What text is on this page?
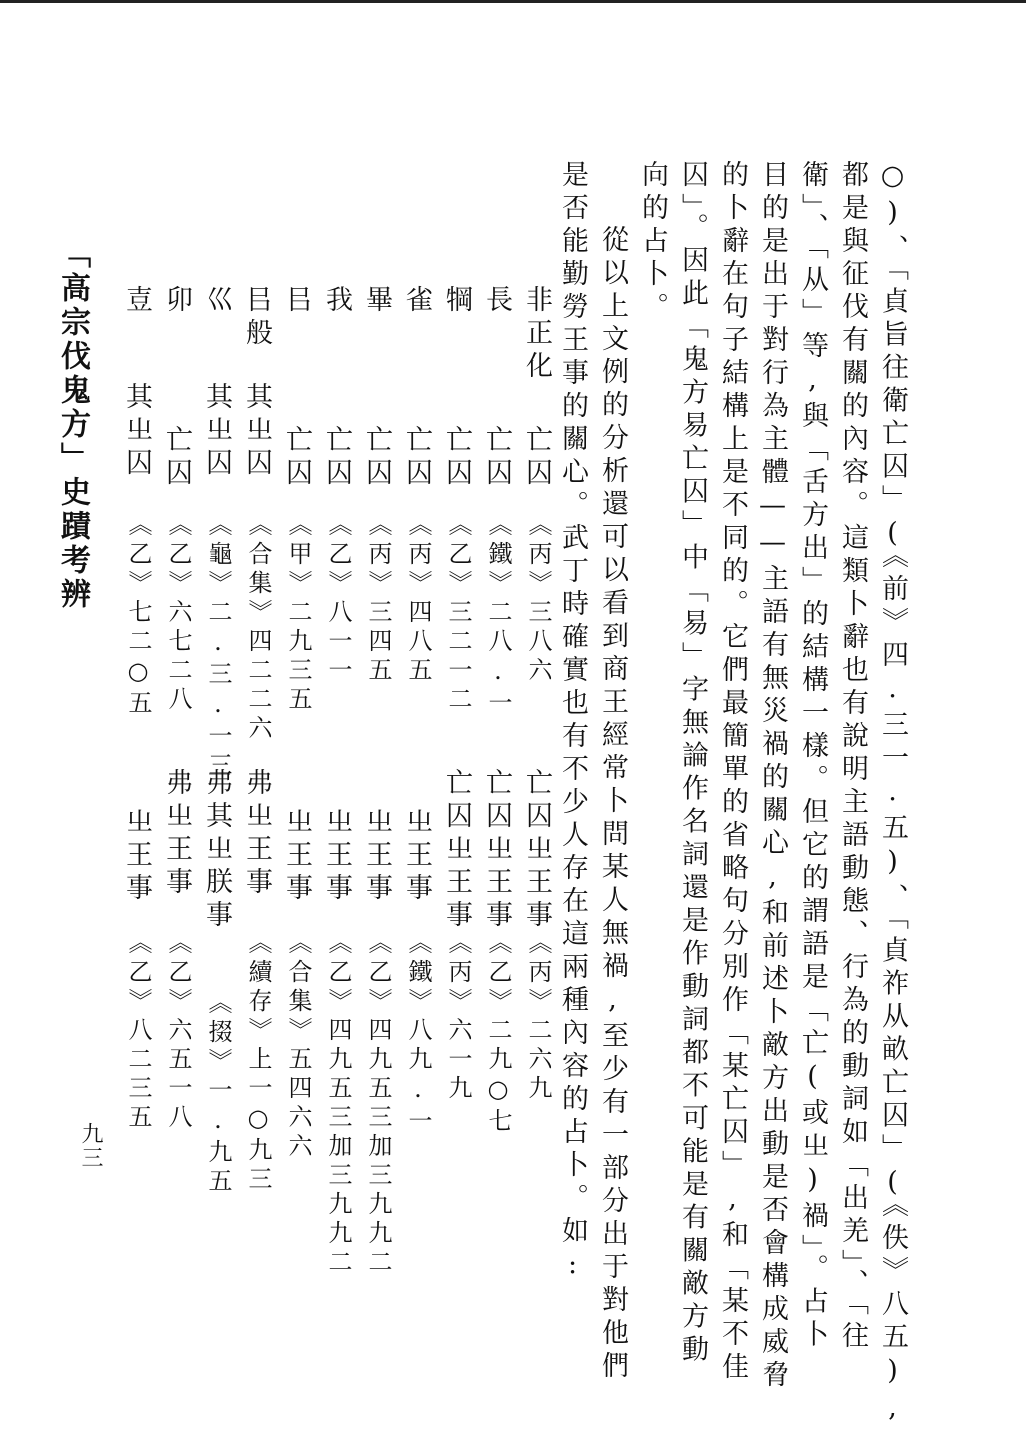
○)、「貞旨往衛亡囚」(《前》四.三一.五)、「貞祚从畝亡囚」(《佚》八五),
都是與征伐有關的內容。這類卜辭也有說明主語動態、行為的動詞如「出羌」、「往
衛」、「从」等,與「舌方出」的結構一樣。但它的謂語是「亡(或㞢)禍」。占卜
目的是出于對行為主體——主語有無災禍的關心,和前述卜敵方出動是否會構成威脅
的卜辭在句子結構上是不同的。它們最簡單的省略句分別作「某亡囚」,和「某不佳
囚」。因此「鬼方易亡囚」中「易」字無論作名詞還是作動詞都不可能是有關敵方動
向的占卜。
從以上文例的分析還可以看到商王經常卜問某人無禍,至少有一部分出于對他們
是否能勤勞王事的關心。武丁時確實也有不少人存在這兩種內容的占卜。如:
非正化
亡囚
《丙》三八六
亡囚㞢王事
《丙》二六九
長
亡囚
《鐵》二八.一
亡囚㞢王事
《乙》二九○七
犅
亡囚
《乙》三二一二
亡囚㞢王事
《丙》六一九
雀
亡囚
《丙》四八五
㞢王事
《鐵》八九.一
畢
亡囚
《丙》三四五
㞢王事
《乙》四九五三加三九九二
我
亡囚
《乙》八一一
㞢王事
《乙》四九五三加三九九二
㠯
亡囚
《甲》二九三五
㞢王事
《合集》五四六六
㠯般
其㞢囚
《合集》四二二六
弗㞢王事
《續存》上一○九三
巛
其㞢囚
《龜》二.三.一三
弗其㞢朕事
《掇》一.九五
卯
亡囚
《乙》六七二八
弗㞢王事
《乙》六五一八
壴
其㞢囚
《乙》七二○五
㞢王事
《乙》八二三五
「高宗伐鬼方」史蹟考辨
九三
